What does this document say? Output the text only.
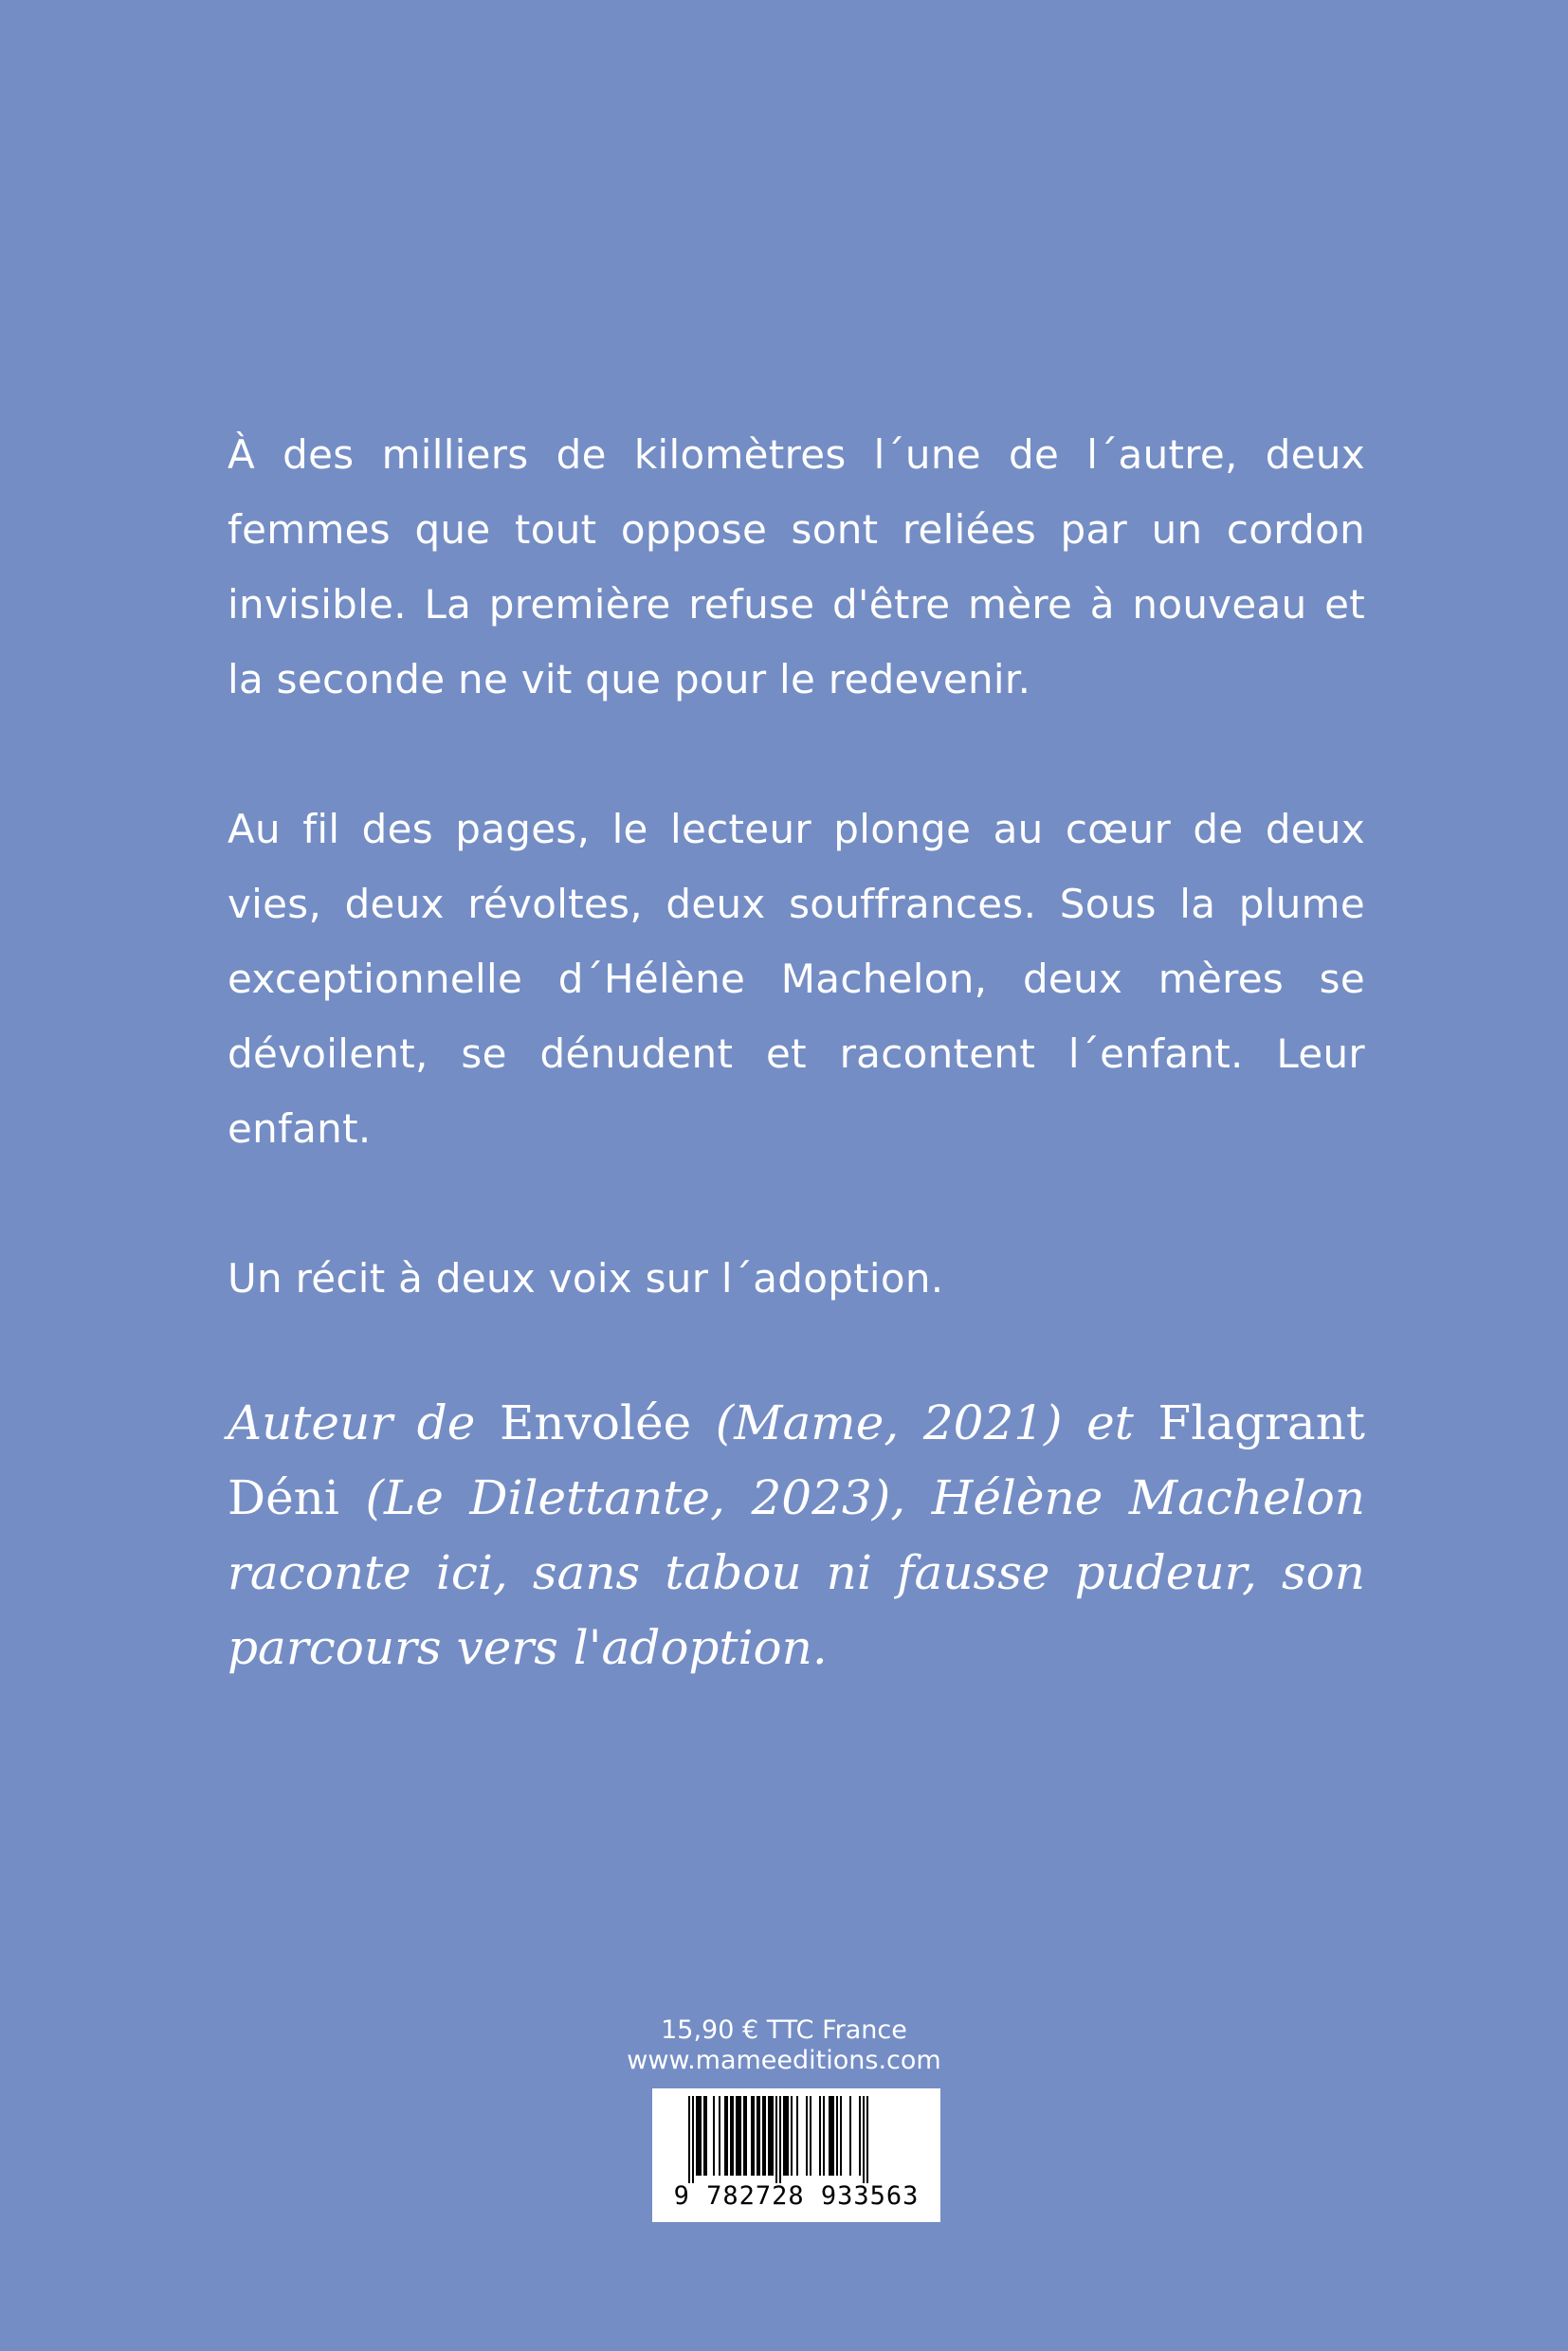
À des milliers de kilomètres l´une de l´autre, deux femmes que tout oppose sont reliées par un cordon invisible. La première refuse d'être mère à nouveau et la seconde ne vit que pour le redevenir.

Au fil des pages, le lecteur plonge au cœur de deux vies, deux révoltes, deux souffrances. Sous la plume exceptionnelle d´Hélène Machelon, deux mères se dévoilent, se dénudent et racontent l´enfant. Leur enfant.

Un récit à deux voix sur l´adoption.

Auteur de Envolée (Mame, 2021) et Flagrant Déni (Le Dilettante, 2023), Hélène Machelon raconte ici, sans tabou ni fausse pudeur, son parcours vers l'adoption.

15,90 € TTC France
www.mameeditions.com
9 782728 933563
